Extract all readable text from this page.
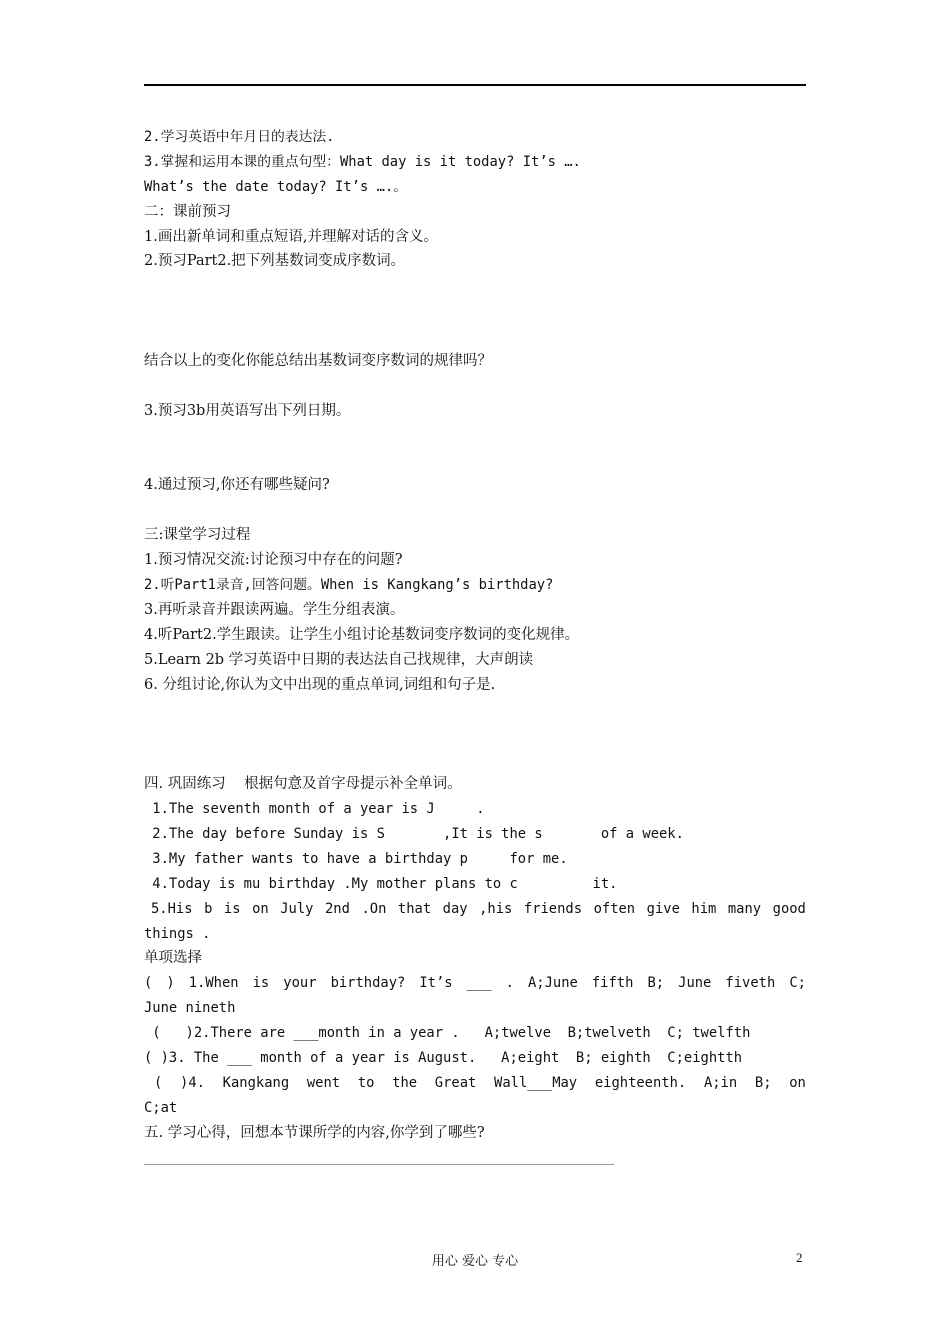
2.学习英语中年月日的表达法.
3.掌握和运用本课的重点句型：What day is it today? It’s ….
What’s the date today? It’s ….。
二：课前预习
1.画出新单词和重点短语,并理解对话的含义。
2.预习Part2.把下列基数词变成序数词。

结合以上的变化你能总结出基数词变序数词的规律吗？
3.预习3b用英语写出下列日期。

4.通过预习,你还有哪些疑问?
三:课堂学习过程
1.预习情况交流:讨论预习中存在的问题?
2.听Part1录音,回答问题。When is Kangkang’s birthday?
3.再听录音并跟读两遍。学生分组表演。
4.听Part2.学生跟读。让学生小组讨论基数词变序数词的变化规律。
5.Learn 2b 学习英语中日期的表达法自己找规律，大声朗读
6. 分组讨论,你认为文中出现的重点单词,词组和句子是.

四. 巩固练习    根据句意及首字母提示补全单词。
1.The seventh month of a year is J     .
2.The day before Sunday is S       ,It is the s       of a week.
3.My father wants to have a birthday p     for me.
4.Today is mu birthday .My mother plans to c         it.
5.His b is on July 2nd .On that day ,his friends often give him many good
things .
单项选择
( ) 1.When is your birthday? It’s ___ . A;June fifth B; June fiveth C;
June nineth
(   )2.There are ___month in a year .   A;twelve  B;twelveth  C; twelfth
( )3. The ___ month of a year is August.   A;eight  B; eighth  C;eightth
( )4. Kangkang went to the Great Wall___May eighteenth. A;in B; on
C;at
五. 学习心得，回想本节课所学的内容,你学到了哪些?
用心 爱心 专心	2
